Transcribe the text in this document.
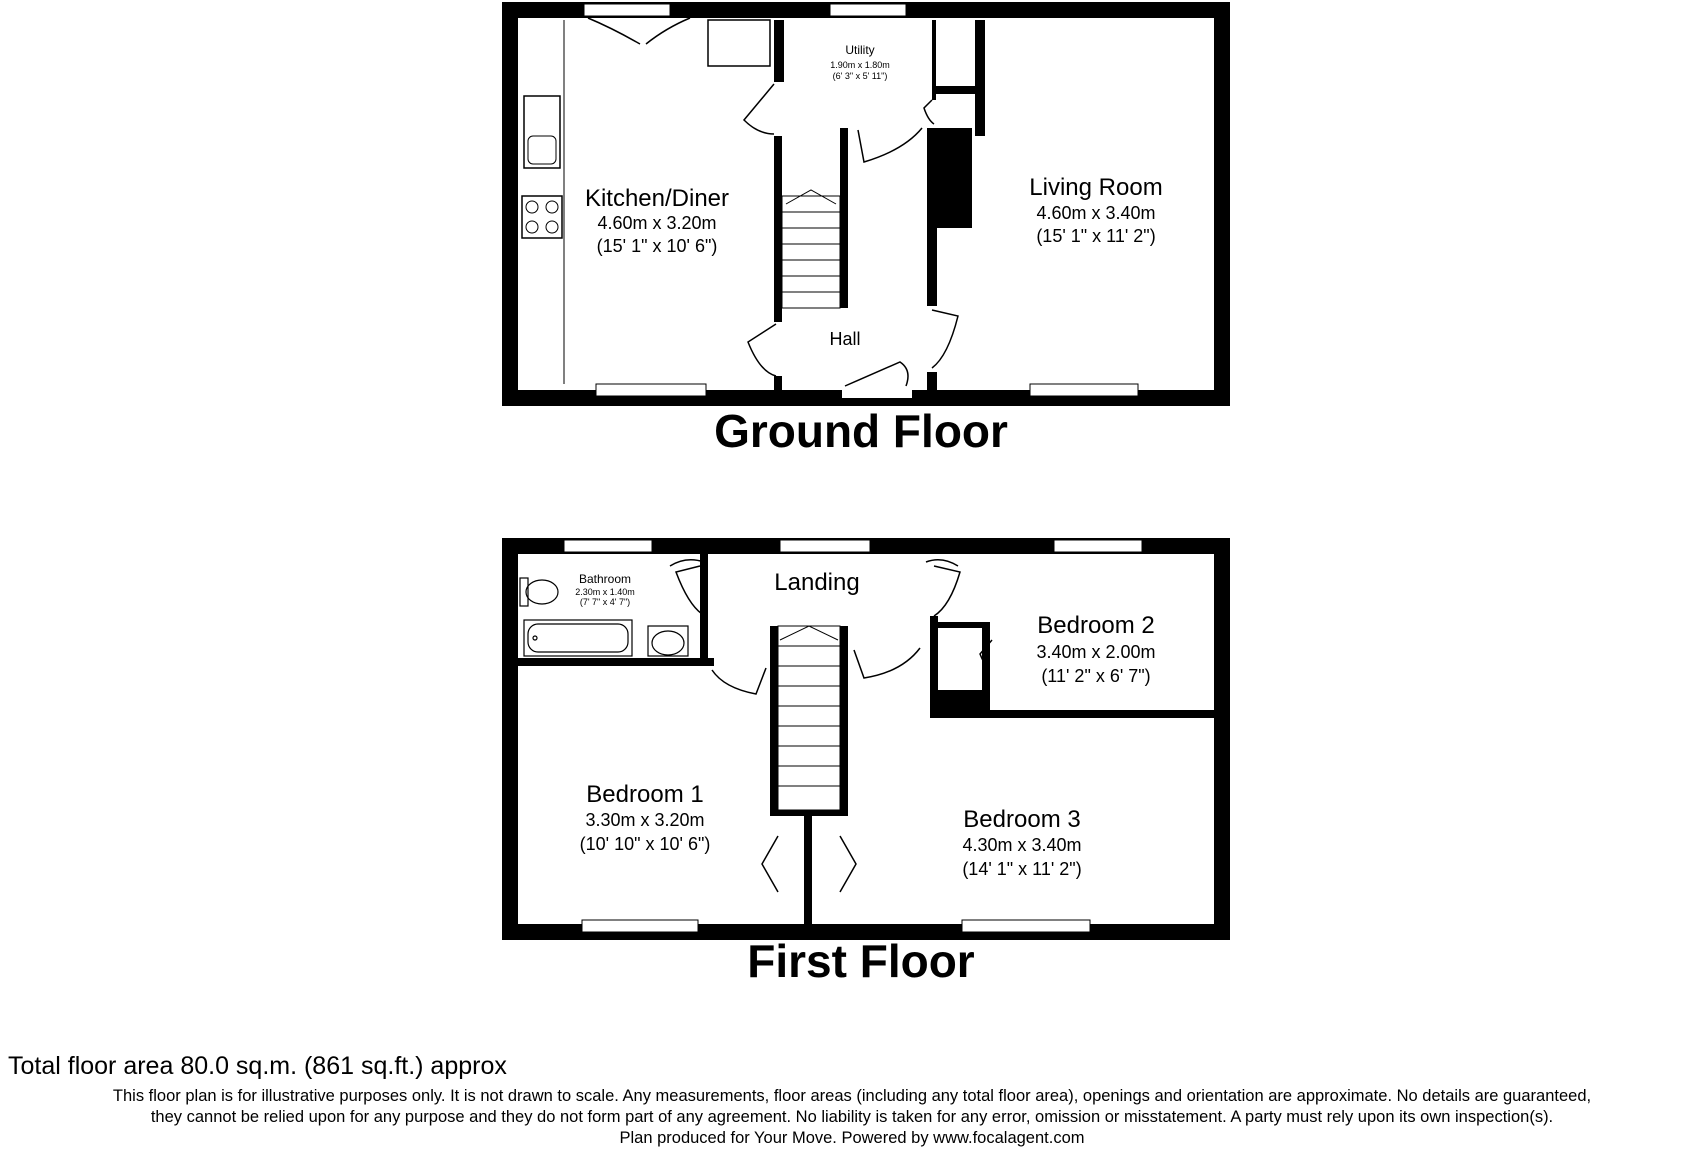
Utility
1.90m x 1.80m
(6' 3" x 5' 11")
Kitchen/Diner
4.60m x 3.20m
(15' 1" x 10' 6")
Living Room
4.60m x 3.40m
(15' 1" x 11' 2")
Hall
Ground Floor
Bathroom
2.30m x 1.40m
(7' 7" x 4' 7")
Landing
Bedroom 2
3.40m x 2.00m
(11' 2" x 6' 7")
Bedroom 1
3.30m x 3.20m
(10' 10" x 10' 6")
Bedroom 3
4.30m x 3.40m
(14' 1" x 11' 2")
First Floor
Total floor area 80.0 sq.m. (861 sq.ft.) approx
This floor plan is for illustrative purposes only. It is not drawn to scale. Any measurements, floor areas (including any total floor area), openings and orientation are approximate. No details are guaranteed,
they cannot be relied upon for any purpose and they do not form part of any agreement. No liability is taken for any error, omission or misstatement. A party must rely upon its own inspection(s).
Plan produced for Your Move. Powered by www.focalagent.com
